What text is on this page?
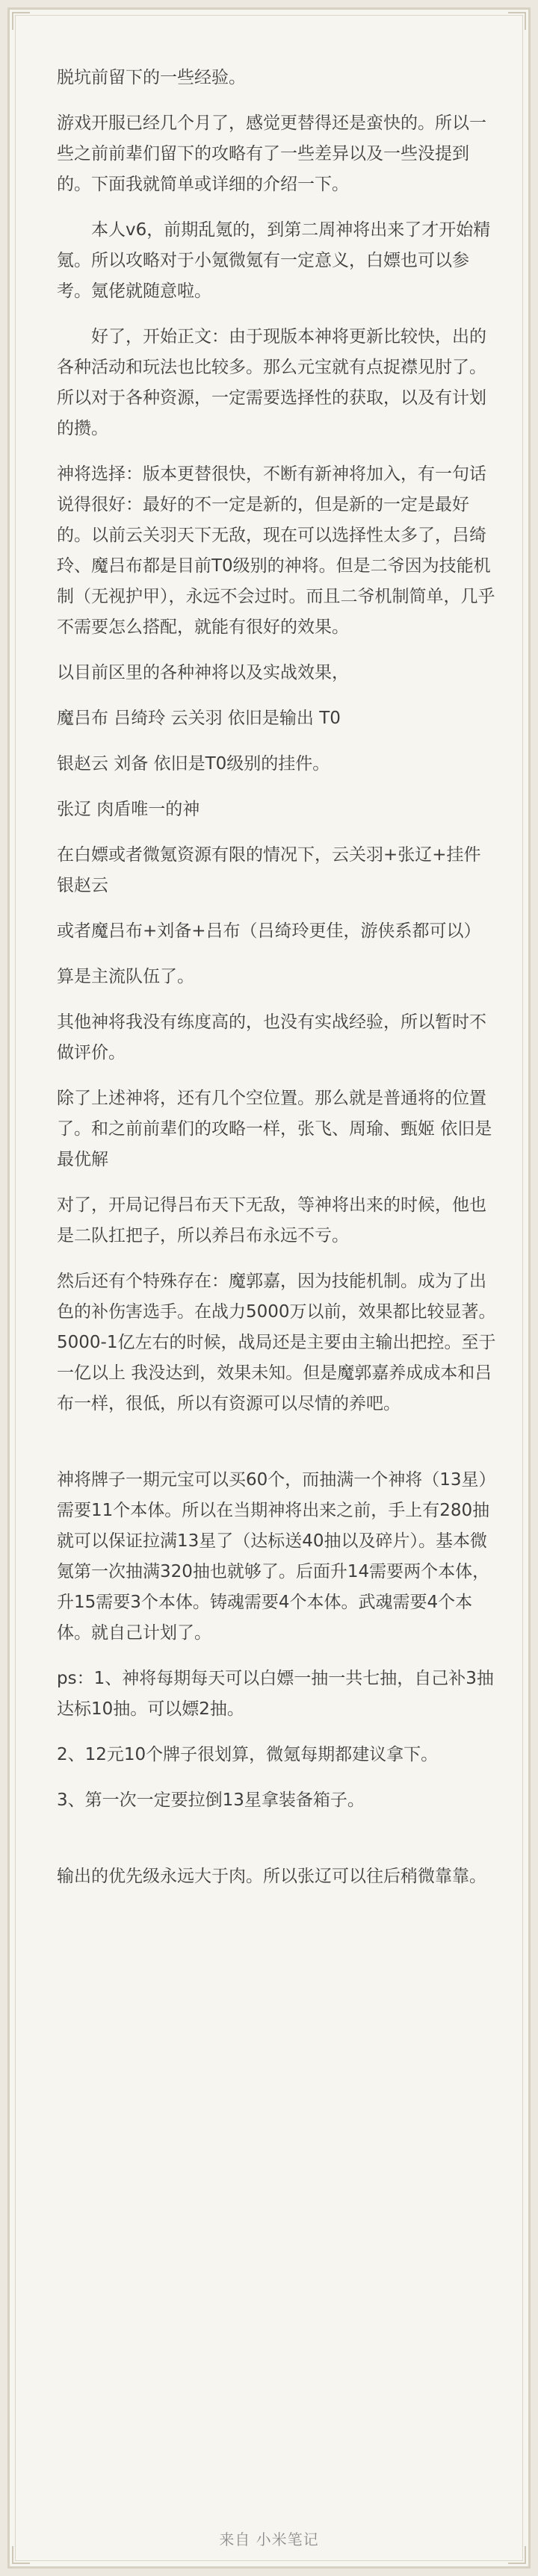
脱坑前留下的一些经验。

游戏开服已经几个月了，感觉更替得还是蛮快的。所以一些之前前辈们留下的攻略有了一些差异以及一些没提到的。下面我就简单或详细的介绍一下。

本人v6，前期乱氪的，到第二周神将出来了才开始精氪。所以攻略对于小氪微氪有一定意义，白嫖也可以参考。氪佬就随意啦。

好了，开始正文：由于现版本神将更新比较快，出的各种活动和玩法也比较多。那么元宝就有点捉襟见肘了。所以对于各种资源，一定需要选择性的获取，以及有计划的攒。

神将选择：版本更替很快，不断有新神将加入，有一句话说得很好：最好的不一定是新的，但是新的一定是最好的。以前云关羽天下无敌，现在可以选择性太多了，吕绮玲、魔吕布都是目前T0级别的神将。但是二爷因为技能机制（无视护甲），永远不会过时。而且二爷机制简单，几乎不需要怎么搭配，就能有很好的效果。

以目前区里的各种神将以及实战效果，

魔吕布 吕绮玲 云关羽 依旧是输出 T0

银赵云 刘备 依旧是T0级别的挂件。

张辽 肉盾唯一的神

在白嫖或者微氪资源有限的情况下，云关羽+张辽+挂件银赵云

或者魔吕布+刘备+吕布（吕绮玲更佳，游侠系都可以）

算是主流队伍了。

其他神将我没有练度高的，也没有实战经验，所以暂时不做评价。

除了上述神将，还有几个空位置。那么就是普通将的位置了。和之前前辈们的攻略一样，张飞、周瑜、甄姬 依旧是最优解

对了，开局记得吕布天下无敌，等神将出来的时候，他也是二队扛把子，所以养吕布永远不亏。

然后还有个特殊存在：魔郭嘉，因为技能机制。成为了出色的补伤害选手。在战力5000万以前，效果都比较显著。5000-1亿左右的时候，战局还是主要由主输出把控。至于一亿以上 我没达到，效果未知。但是魔郭嘉养成成本和吕布一样，很低，所以有资源可以尽情的养吧。

神将牌子一期元宝可以买60个，而抽满一个神将（13星）需要11个本体。所以在当期神将出来之前，手上有280抽就可以保证拉满13星了（达标送40抽以及碎片）。基本微氪第一次抽满320抽也就够了。后面升14需要两个本体，升15需要3个本体。铸魂需要4个本体。武魂需要4个本体。就自己计划了。

ps：1、神将每期每天可以白嫖一抽一共七抽，自己补3抽达标10抽。可以嫖2抽。

2、12元10个牌子很划算，微氪每期都建议拿下。

3、第一次一定要拉倒13星拿装备箱子。

输出的优先级永远大于肉。所以张辽可以往后稍微靠靠。

来自 小米笔记
